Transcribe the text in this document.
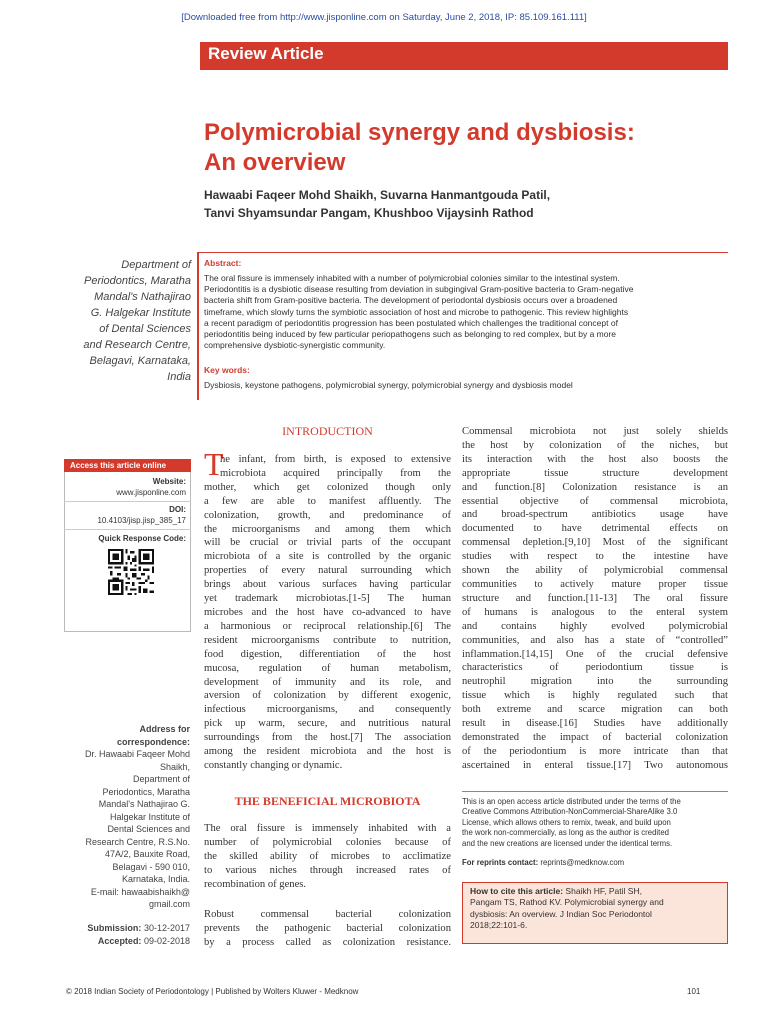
[Downloaded free from http://www.jisponline.com on Saturday, June 2, 2018, IP: 85.109.161.111]
Review Article
Polymicrobial synergy and dysbiosis:
An overview
Hawaabi Faqeer Mohd Shaikh, Suvarna Hanmantgouda Patil,
Tanvi Shyamsundar Pangam, Khushboo Vijaysinh Rathod
Department of
Periodontics, Maratha
Mandal's Nathajirao
G. Halgekar Institute
of Dental Sciences
and Research Centre,
Belagavi, Karnataka,
India
Abstract:
The oral fissure is immensely inhabited with a number of polymicrobial colonies similar to the intestinal system.
Periodontitis is a dysbiotic disease resulting from deviation in subgingival Gram-positive bacteria to Gram-negative
bacteria shift from Gram-positive bacteria. The development of periodontal dysbiosis occurs over a broadened
timeframe, which slowly turns the symbiotic association of host and microbe to pathogenic. This review highlights
a recent paradigm of periodontitis progression has been postulated which challenges the traditional concept of
periodontitis being induced by few particular periopathogens such as belonging to red complex, but by a more
comprehensive dysbiotic-synergistic community.
Key words:
Dysbiosis, keystone pathogens, polymicrobial synergy, polymicrobial synergy and dysbiosis model
Access this article online
Website:
www.jisponline.com
DOI:
10.4103/jisp.jisp_385_17
Quick Response Code:
Address for
correspondence:
Dr. Hawaabi Faqeer Mohd
Shaikh,
Department of
Periodontics, Maratha
Mandal's Nathajirao G.
Halgekar Institute of
Dental Sciences and
Research Centre, R.S.No.
47A/2, Bauxite Road,
Belagavi - 590 010,
Karnataka, India.
E-mail: hawaabishaikh@
gmail.com
Submission: 30-12-2017
Accepted: 09-02-2018
INTRODUCTION
T
he infant, from birth, is exposed to extensive
microbiota acquired principally from the
mother, which get colonized though only
a few are able to manifest affluently. The
colonization, growth, and predominance of
the microorganisms and among them which
will be crucial or trivial parts of the occupant
microbiota of a site is controlled by the organic
properties of every natural surrounding which
brings about various surfaces having particular
yet trademark microbiotas.[1-5] The human
microbes and the host have co-advanced to have
a harmonious or reciprocal relationship.[6] The
resident microorganisms contribute to nutrition,
food digestion, differentiation of the host
mucosa, regulation of human metabolism,
development of immunity and its role, and
aversion of colonization by different exogenic,
infectious microorganisms, and consequently
pick up warm, secure, and nutritious natural
surroundings from the host.[7] The association
among the resident microbiota and the host is
constantly changing or dynamic.
THE BENEFICIAL MICROBIOTA
The oral fissure is immensely inhabited with a
number of polymicrobial colonies because of
the skilled ability of microbes to acclimatize
to various niches through increased rates of
recombination of genes.
Robust commensal bacterial colonization
prevents the pathogenic bacterial colonization
by a process called as colonization resistance.
Commensal microbiota not just solely shields
the host by colonization of the niches, but
its interaction with the host also boosts the
appropriate tissue structure development
and function.[8] Colonization resistance is an
essential objective of commensal microbiota,
and broad-spectrum antibiotics usage have
documented to have detrimental effects on
commensal depletion.[9,10] Most of the significant
studies with respect to the intestine have
shown the ability of polymicrobial commensal
communities to actively mature proper tissue
structure and function.[11-13] The oral fissure
of humans is analogous to the enteral system
and contains highly evolved polymicrobial
communities, and also has a state of “controlled”
inflammation.[14,15] One of the crucial defensive
characteristics of periodontium tissue is
neutrophil migration into the surrounding
tissue which is highly regulated such that
both extreme and scarce migration can both
result in disease.[16] Studies have additionally
demonstrated the impact of bacterial colonization
of the periodontium is more intricate than that
ascertained in enteral tissue.[17] Two autonomous
This is an open access article distributed under the terms of the
Creative Commons Attribution-NonCommercial-ShareAlike 3.0
License, which allows others to remix, tweak, and build upon
the work non-commercially, as long as the author is credited
and the new creations are licensed under the identical terms.
For reprints contact: reprints@medknow.com
How to cite this article: Shaikh HF, Patil SH,
Pangam TS, Rathod KV. Polymicrobial synergy and
dysbiosis: An overview. J Indian Soc Periodontol
2018;22:101-6.
© 2018 Indian Society of Periodontology | Published by Wolters Kluwer - Medknow	101
